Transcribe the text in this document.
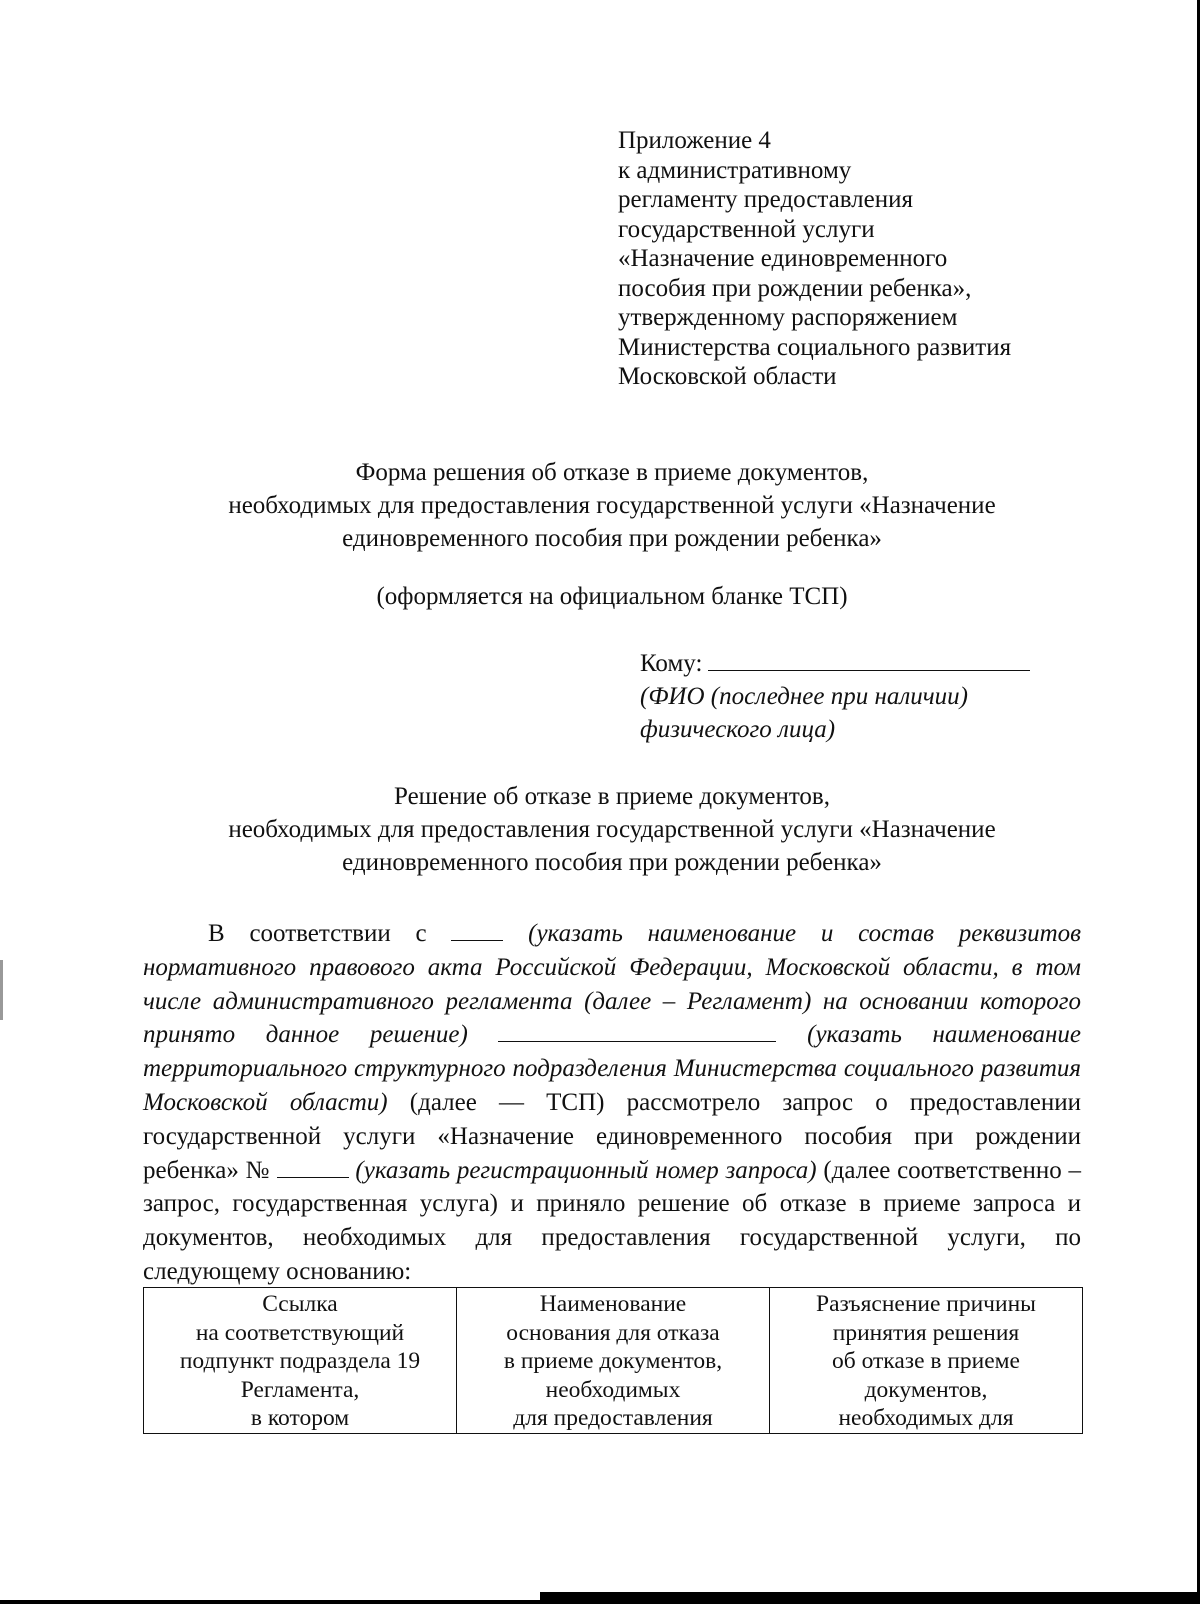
Приложение 4
к административному
регламенту предоставления
государственной услуги
«Назначение единовременного
пособия при рождении ребенка»,
утвержденному распоряжением
Министерства социального развития
Московской области
Форма решения об отказе в приеме документов,
необходимых для предоставления государственной услуги «Назначение
единовременного пособия при рождении ребенка»
(оформляется на официальном бланке ТСП)
Кому:
(ФИО (последнее при наличии)
физического лица)
Решение об отказе в приеме документов,
необходимых для предоставления государственной услуги «Назначение
единовременного пособия при рождении ребенка»

В соответствии с	(указать наименование и состав реквизитов нормативного правового акта Российской Федерации, Московской области, в том числе административного регламента (далее – Регламент) на основании которого принято данное решение)	(указать наименование территориального структурного подразделения Министерства социального развития Московской области) (далее — ТСП) рассмотрело запрос о предоставлении государственной услуги «Назначение единовременного пособия при рождении ребенка» №	(указать регистрационный номер запроса) (далее соответственно – запрос, государственная услуга) и приняло решение об отказе в приеме запроса и документов, необходимых для предоставления государственной услуги, по следующему основанию:

Ссылка
на соответствующий
подпункт подраздела 19
Регламента,
в котором

Наименование
основания для отказа
в приеме документов,
необходимых
для предоставления

Разъяснение причины
принятия решения
об отказе в приеме
документов,
необходимых для
